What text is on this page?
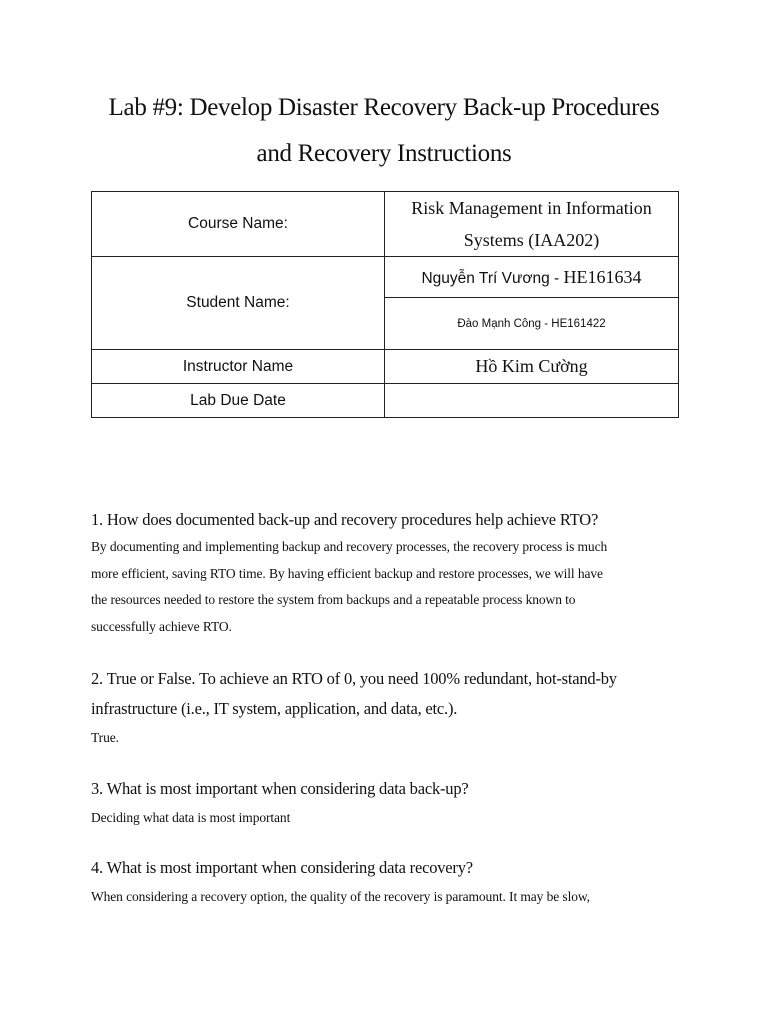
Lab #9: Develop Disaster Recovery Back-up Procedures
and Recovery Instructions
Course Name:	Risk Management in Information
Systems (IAA202)

Student Name:	Nguyễn Trí Vương - HE161634
	Đào Mạnh Công - HE161422
Instructor Name	Hồ Kim Cường
Lab Due Date	
1. How does documented back-up and recovery procedures help achieve RTO?
By documenting and implementing backup and recovery processes, the recovery process is much
more efficient, saving RTO time. By having efficient backup and restore processes, we will have
the resources needed to restore the system from backups and a repeatable process known to
successfully achieve RTO.
2. True or False. To achieve an RTO of 0, you need 100% redundant, hot-stand-by
infrastructure (i.e., IT system, application, and data, etc.).
True.
3. What is most important when considering data back-up?
Deciding what data is most important
4. What is most important when considering data recovery?
When considering a recovery option, the quality of the recovery is paramount. It may be slow,
